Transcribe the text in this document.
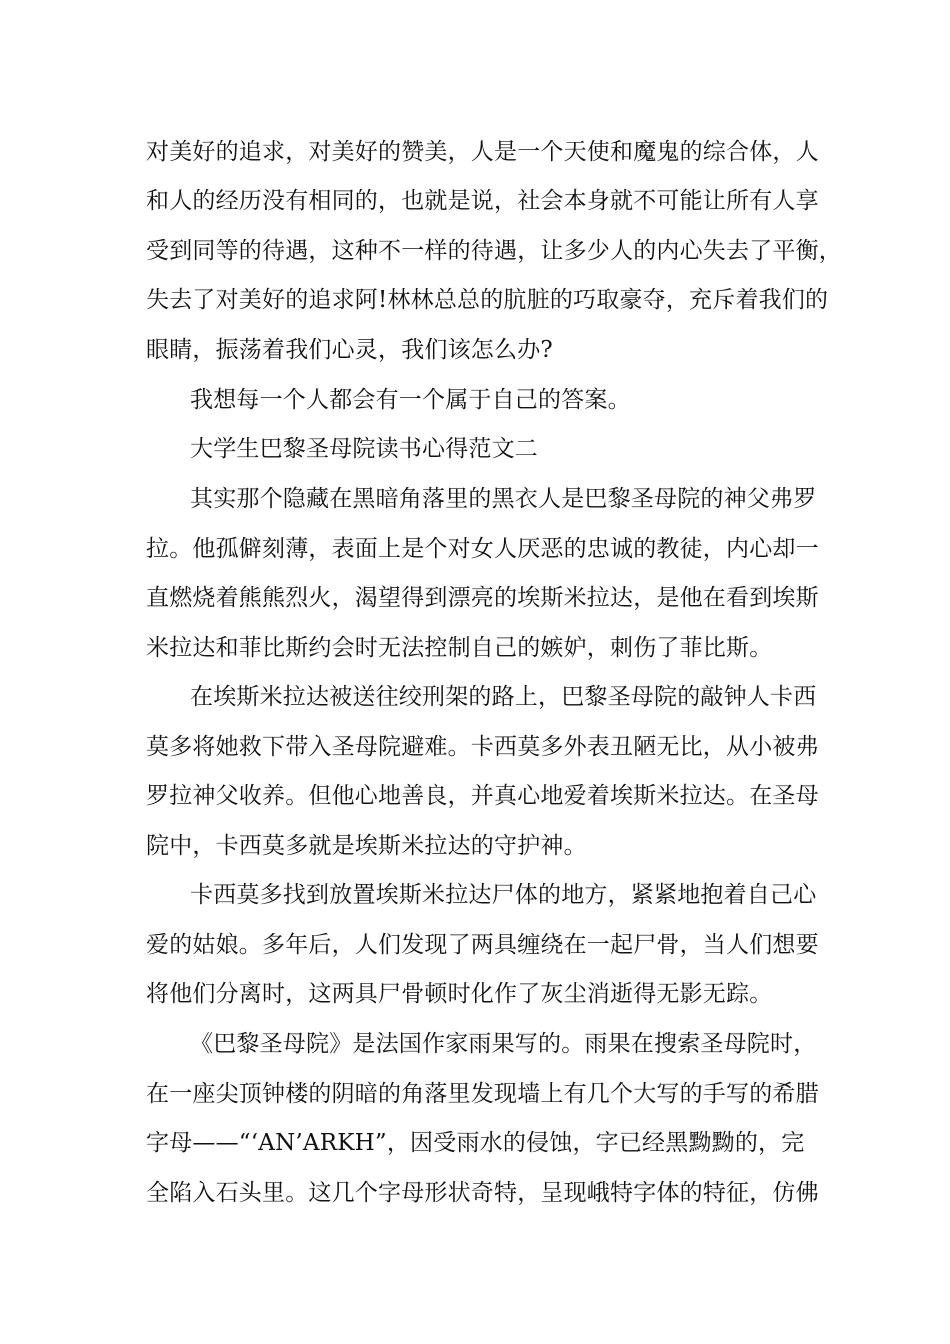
对美好的追求，对美好的赞美，人是一个天使和魔鬼的综合体，人
和人的经历没有相同的，也就是说，社会本身就不可能让所有人享
受到同等的待遇，这种不一样的待遇，让多少人的内心失去了平衡，
失去了对美好的追求阿!林林总总的肮脏的巧取豪夺，充斥着我们的
眼睛，振荡着我们心灵，我们该怎么办?
我想每一个人都会有一个属于自己的答案。
大学生巴黎圣母院读书心得范文二
其实那个隐藏在黑暗角落里的黑衣人是巴黎圣母院的神父弗罗
拉。他孤僻刻薄，表面上是个对女人厌恶的忠诚的教徒，内心却一
直燃烧着熊熊烈火，渴望得到漂亮的埃斯米拉达，是他在看到埃斯
米拉达和菲比斯约会时无法控制自己的嫉妒，刺伤了菲比斯。
在埃斯米拉达被送往绞刑架的路上，巴黎圣母院的敲钟人卡西
莫多将她救下带入圣母院避难。卡西莫多外表丑陋无比，从小被弗
罗拉神父收养。但他心地善良，并真心地爱着埃斯米拉达。在圣母
院中，卡西莫多就是埃斯米拉达的守护神。
卡西莫多找到放置埃斯米拉达尸体的地方，紧紧地抱着自己心
爱的姑娘。多年后，人们发现了两具缠绕在一起尸骨，当人们想要
将他们分离时，这两具尸骨顿时化作了灰尘消逝得无影无踪。
《巴黎圣母院》是法国作家雨果写的。雨果在搜索圣母院时，
在一座尖顶钟楼的阴暗的角落里发现墙上有几个大写的手写的希腊
字母——“‘AN’ARKH”，因受雨水的侵蚀，字已经黑黝黝的，完
全陷入石头里。这几个字母形状奇特，呈现峨特字体的特征，仿佛
